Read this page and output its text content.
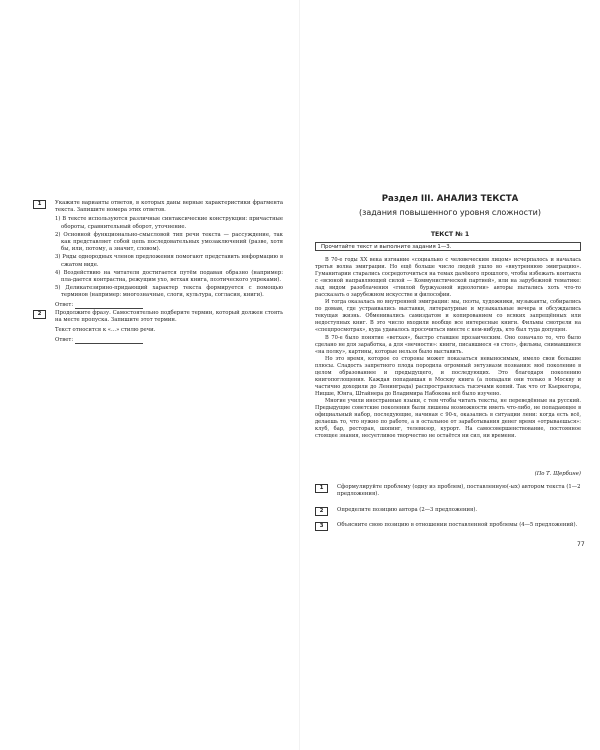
1	Укажите варианты ответов, в которых даны верные характеристики фрагмента текста. Запишите номера этих ответов.

1) В тексте используются различные синтаксические конструкции: причастные обороты, сравнительный оборот, уточнение.
2) Основной функционально-смысловой тип речи текста — рассуждение, так как представляет собой цепь последовательных умозаключений (разве, хотя бы, или, потому, а значит, словом).
3) Ряды однородных членов предложения помогают представить информацию в сжатом виде.
4) Воздействию на читателя достигается путём подавая образно (например: пла-дается контрастна, режущим ухо, ветхая книга, поэтического упреками).
5) Деликатезирино-придающий характер текста формируется с помощью терминов (например: многозначные, слоги, культура, согласия, книги).
Ответ:
2	Продолжите фразу. Самостоятельно подберите термин, который должен стоять на месте пропуска. Запишите этот термин.

Текст относится к «...» стилю речи.

Ответ:
Раздел III. АНАЛИЗ ТЕКСТА
(задания повышенного уровня сложности)
ТЕКСТ № 1
Прочитайте текст и выполните задания 1—3.

В 70-е годы XX века изгнание «социально с человеческим лицом» исчерпалось и началась третья волна эмиграции. Но ещё больше число людей ушло во «внутреннюю эмиграцию». Гуманитарии старались сосредоточиться на темах далёкого прошлого, чтобы избежать контакта с «всюной направляющей силой — Коммунистической партией», или на зарубежной тематике: лад видом разоблачения «гнилой буржуазной идеологии» авторы пытались хоть что-то рассказать о зарубежном искусстве и философии.

И тогда оказалась во внутренней эмиграции: мы, поэты, художники, музыканты, собирались по домам, где устраивались выставки, литературные и музыкальные вечера и обсуждались текущая жизнь. Обменивались самиздатом и копированием со всяких запрещённых или недоступных книг. В это число входили вообще все интересные книги. Фильмы смотрели на «спецпросмотрах», куда удавалось просочиться вместе с кем-нибудь, кто был туда допущен.

В 70-е было понятие «ветхая», быстро ставшее прозаическим. Оно означало то, что было сделано не для заработка, а для «вечности»: книги, писавшиеся «в стол», фильмы, снимавшиеся «на полку», картины, которые нельзя было выставить.

Но это время, которое со стороны может показаться невыносимым, имело свои большие плюсы. Сладость запретного плода породила огромный энтузиазм познания: моё поколение в целом образованнее и предыдущего, и последующих. Это благодаря поколению книгопоглощения. Каждая попадавшая в Москву книга (а попадали они только в Москву и частично доходили до Ленинграда) распространялась тысячами копий. Так что от Кьеркегора, Ницше, Юнга, Штайнера до Владимира Набокова всё было изучено.

Многие учили иностранные языки, с тем чтобы читать тексты, не переведённые на русский. Предыдущие советские поколения были лишены возможности иметь что-либо, не попадающее в официальный набор, последующие, начиная с 90-х, оказались в ситуации лени: когда есть всё, делаешь то, что нужно по работе, а в остальное от заработывания денег время «отрываешься»: клуб, бар, ресторан, шопинг, телевизор, курорт. На самосовершенствование, постоянное стоящее знания, несуетливое творчество не остаётся ни сил, ни времени.

(По Т. Щербине)
1	Сформулируйте проблему (одну из проблем), поставленную(-ых) автором текста (1—2 предложения).
2	Определите позицию автора (2—3 предложения).
3	Объясните свою позицию в отношении поставленной проблемы (4—5 предложений).
77
